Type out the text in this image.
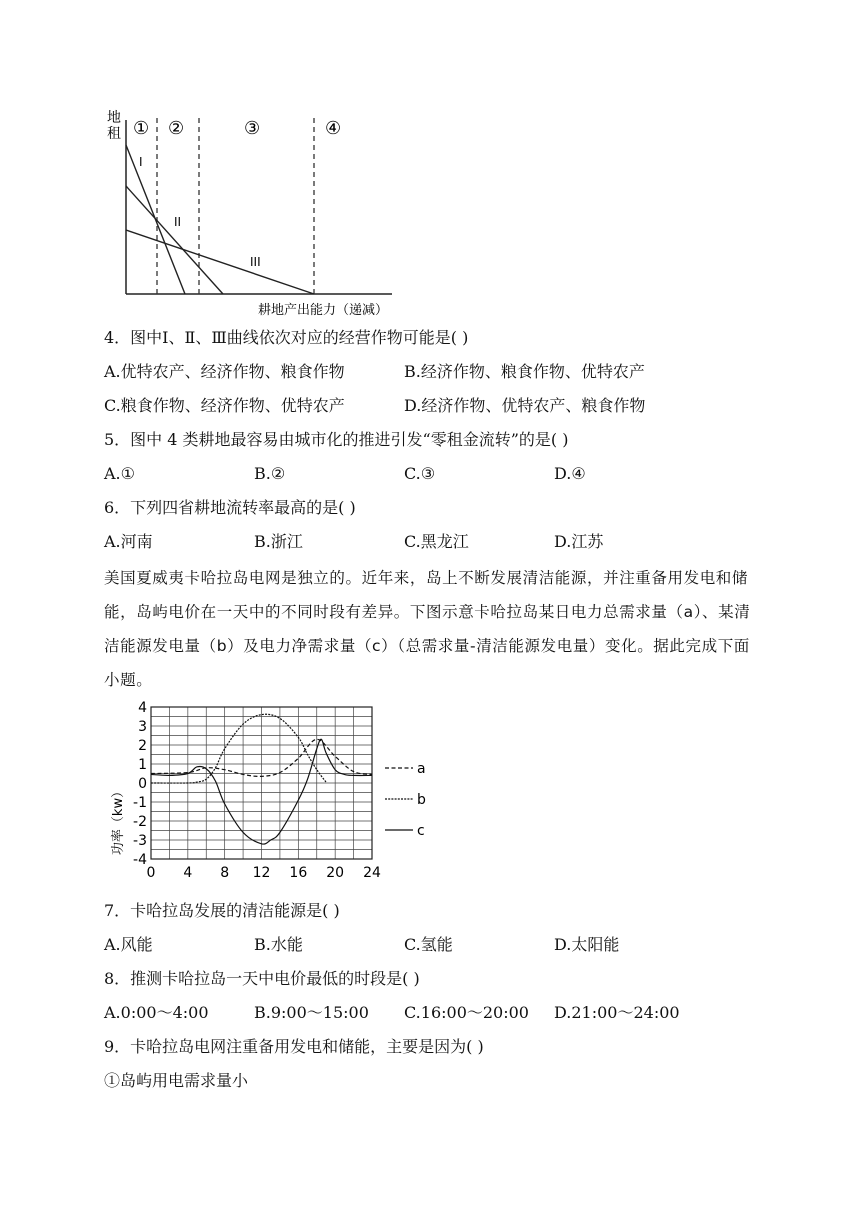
地
租 ① ②	③	④
I
II
III
耕地产出能力（递减）
4．图中Ⅰ、Ⅱ、Ⅲ曲线依次对应的经营作物可能是( )
A.优特农产、经济作物、粮食作物	B.经济作物、粮食作物、优特农产
C.粮食作物、经济作物、优特农产	D.经济作物、优特农产、粮食作物
5．图中 4 类耕地最容易由城市化的推进引发“零租金流转”的是( )
A.①	B.②	C.③	D.④
6．下列四省耕地流转率最高的是( )
A.河南	B.浙江	C.黑龙江	D.江苏
美国夏威夷卡哈拉岛电网是独立的。近年来，岛上不断发展清洁能源，并注重备用发电和储能，岛屿电价在一天中的不同时段有差异。下图示意卡哈拉岛某日电力总需求量（a）、某清洁能源发电量（b）及电力净需求量（c）（总需求量-清洁能源发电量）变化。据此完成下面小题。
功率（kw）
4
3
2
1
0
-1
-2
-3
-4
0 4 8 12 16 20 24
a
b
c
7．卡哈拉岛发展的清洁能源是( )
A.风能	B.水能	C.氢能	D.太阳能
8．推测卡哈拉岛一天中电价最低的时段是( )
A.0:00～4:00	B.9:00～15:00 C.16:00～20:00 D.21:00～24:00
9．卡哈拉岛电网注重备用发电和储能，主要是因为( )
①岛屿用电需求量小
